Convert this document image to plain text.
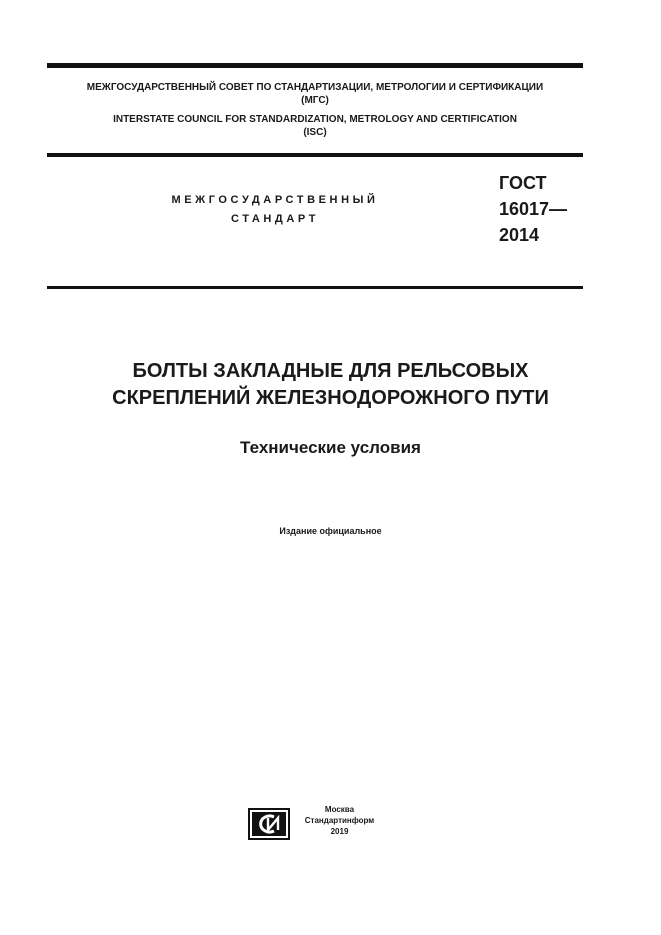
МЕЖГОСУДАРСТВЕННЫЙ СОВЕТ ПО СТАНДАРТИЗАЦИИ, МЕТРОЛОГИИ И СЕРТИФИКАЦИИ
(МГС)
INTERSTATE COUNCIL FOR STANDARDIZATION, METROLOGY AND CERTIFICATION
(ISC)
МЕЖГОСУДАРСТВЕННЫЙ
СТАНДАРТ
ГОСТ
16017—
2014
БОЛТЫ ЗАКЛАДНЫЕ ДЛЯ РЕЛЬСОВЫХ
СКРЕПЛЕНИЙ ЖЕЛЕЗНОДОРОЖНОГО ПУТИ
Технические условия
Издание официальное
Москва
Стандартинформ
2019
